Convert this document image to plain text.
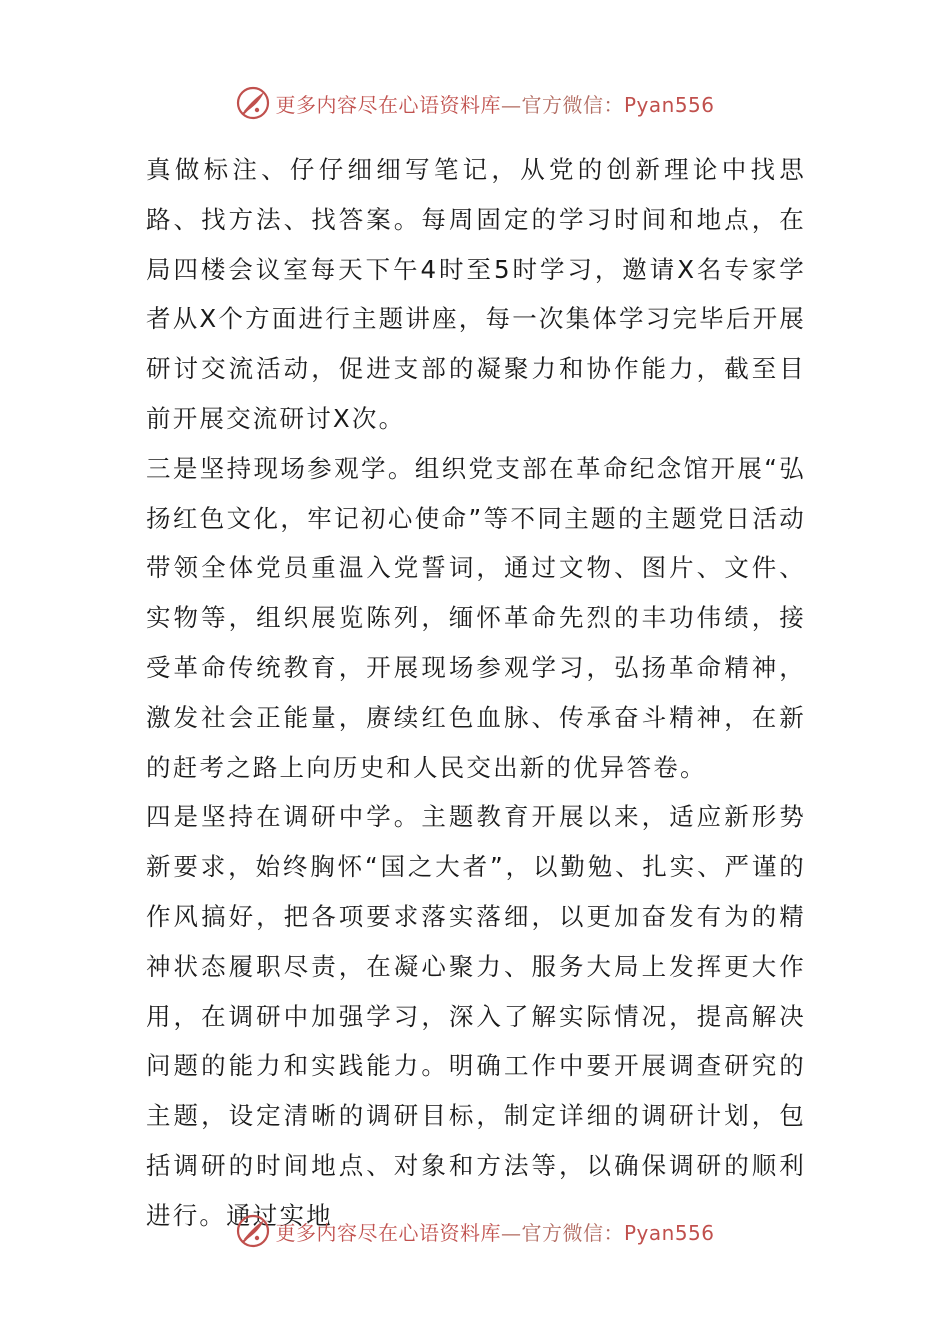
更多内容尽在心语资料库—官方微信：Pyan556

真做标注、仔仔细细写笔记，从党的创新理论中找思路、找方法、找答案。每周固定的学习时间和地点，在局四楼会议室每天下午4时至5时学习，邀请X名专家学者从X个方面进行主题讲座，每一次集体学习完毕后开展研讨交流活动，促进支部的凝聚力和协作能力，截至目前开展交流研讨X次。

三是坚持现场参观学。组织党支部在革命纪念馆开展“弘扬红色文化，牢记初心使命”等不同主题的主题党日活动带领全体党员重温入党誓词，通过文物、图片、文件、实物等，组织展览陈列，缅怀革命先烈的丰功伟绩，接受革命传统教育，开展现场参观学习，弘扬革命精神，激发社会正能量，赓续红色血脉、传承奋斗精神，在新的赶考之路上向历史和人民交出新的优异答卷。

四是坚持在调研中学。主题教育开展以来，适应新形势新要求，始终胸怀“国之大者”，以勤勉、扎实、严谨的作风搞好，把各项要求落实落细，以更加奋发有为的精神状态履职尽责，在凝心聚力、服务大局上发挥更大作用，在调研中加强学习，深入了解实际情况，提高解决问题的能力和实践能力。明确工作中要开展调查研究的主题，设定清晰的调研目标，制定详细的调研计划，包括调研的时间地点、对象和方法等，以确保调研的顺利进行。通过实地

更多内容尽在心语资料库—官方微信：Pyan556
